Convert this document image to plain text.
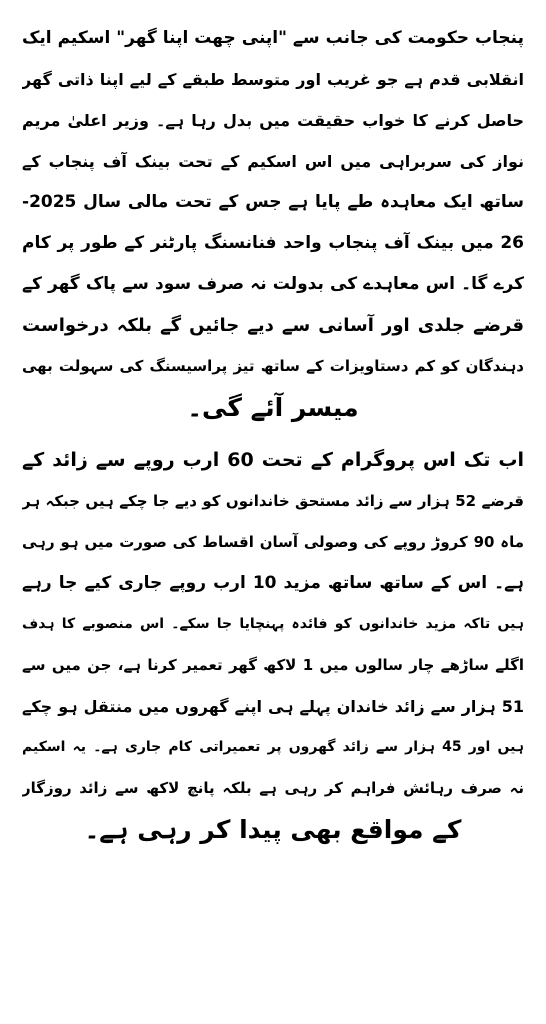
پنجاب حکومت کی جانب سے "اپنی چھت اپنا گھر" اسکیم ایک
انقلابی قدم ہے جو غریب اور متوسط طبقے کے لیے اپنا ذاتی گھر
حاصل کرنے کا خواب حقیقت میں بدل رہا ہے۔ وزیر اعلیٰ مریم
نواز کی سربراہی میں اس اسکیم کے تحت بینک آف پنجاب کے
ساتھ ایک معاہدہ طے پایا ہے جس کے تحت مالی سال 2025-
26 میں بینک آف پنجاب واحد فنانسنگ پارٹنر کے طور پر کام
کرے گا۔ اس معاہدے کی بدولت نہ صرف سود سے پاک گھر کے
قرضے جلدی اور آسانی سے دیے جائیں گے بلکہ درخواست
دہندگان کو کم دستاویزات کے ساتھ تیز پراسیسنگ کی سہولت بھی
میسر آئے گی۔
اب تک اس پروگرام کے تحت 60 ارب روپے سے زائد کے
قرضے 52 ہزار سے زائد مستحق خاندانوں کو دیے جا چکے ہیں جبکہ ہر
ماہ 90 کروڑ روپے کی وصولی آسان اقساط کی صورت میں ہو رہی
ہے۔ اس کے ساتھ ساتھ مزید 10 ارب روپے جاری کیے جا رہے
ہیں تاکہ مزید خاندانوں کو فائدہ پہنچایا جا سکے۔ اس منصوبے کا ہدف
اگلے ساڑھے چار سالوں میں 1 لاکھ گھر تعمیر کرنا ہے، جن میں سے
51 ہزار سے زائد خاندان پہلے ہی اپنے گھروں میں منتقل ہو چکے
ہیں اور 45 ہزار سے زائد گھروں پر تعمیراتی کام جاری ہے۔ یہ اسکیم
نہ صرف رہائش فراہم کر رہی ہے بلکہ پانچ لاکھ سے زائد روزگار
کے مواقع بھی پیدا کر رہی ہے۔
